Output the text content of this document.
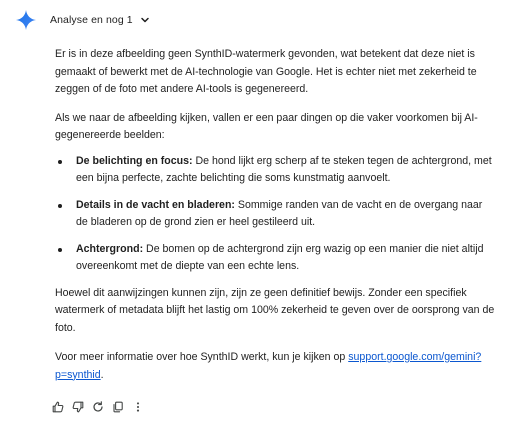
Analyse en nog 1

Er is in deze afbeelding geen SynthID-watermerk gevonden, wat betekent dat deze niet is gemaakt of bewerkt met de AI-technologie van Google. Het is echter niet met zekerheid te zeggen of de foto met andere AI-tools is gegenereerd.

Als we naar de afbeelding kijken, vallen er een paar dingen op die vaker voorkomen bij AI-gegenereerde beelden:

De belichting en focus: De hond lijkt erg scherp af te steken tegen de achtergrond, met een bijna perfecte, zachte belichting die soms kunstmatig aanvoelt.
Details in de vacht en bladeren: Sommige randen van de vacht en de overgang naar de bladeren op de grond zien er heel gestileerd uit.
Achtergrond: De bomen op de achtergrond zijn erg wazig op een manier die niet altijd overeenkomt met de diepte van een echte lens.

Hoewel dit aanwijzingen kunnen zijn, zijn ze geen definitief bewijs. Zonder een specifiek watermerk of metadata blijft het lastig om 100% zekerheid te geven over de oorsprong van de foto.

Voor meer informatie over hoe SynthID werkt, kun je kijken op support.google.com/gemini?p=synthid.
